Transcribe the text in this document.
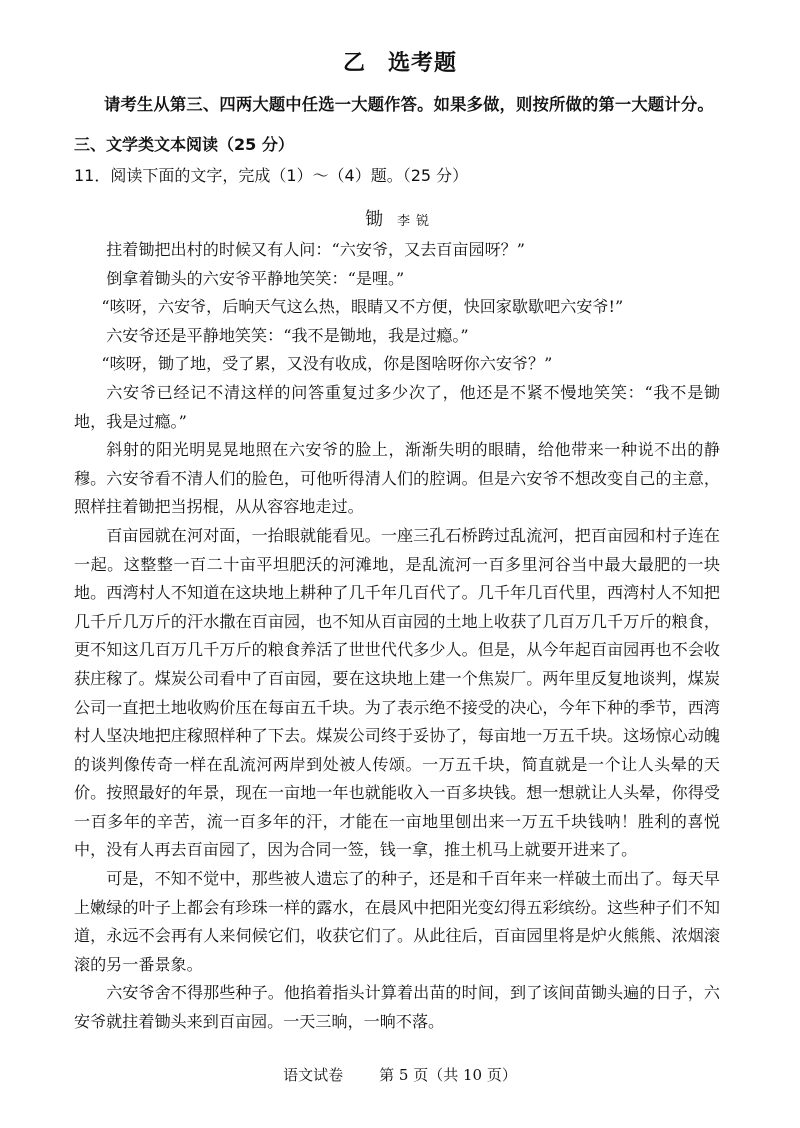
乙 选考题
请考生从第三、四两大题中任选一大题作答。如果多做，则按所做的第一大题计分。
三、文学类文本阅读（25 分）
11．阅读下面的文字，完成（1）～（4）题。（25 分）
锄 李锐

拄着锄把出村的时候又有人问：“六安爷，又去百亩园呀？”

倒拿着锄头的六安爷平静地笑笑：“是哩。”

“咳呀，六安爷，后晌天气这么热，眼睛又不方便，快回家歇歇吧六安爷!”

六安爷还是平静地笑笑：“我不是锄地，我是过瘾。”

“咳呀，锄了地，受了累，又没有收成，你是图啥呀你六安爷？”

六安爷已经记不清这样的问答重复过多少次了，他还是不紧不慢地笑笑：“我不是锄地，我是过瘾。”

斜射的阳光明晃晃地照在六安爷的脸上，渐渐失明的眼睛，给他带来一种说不出的静穆。六安爷看不清人们的脸色，可他听得清人们的腔调。但是六安爷不想改变自己的主意，照样拄着锄把当拐棍，从从容容地走过。

百亩园就在河对面，一抬眼就能看见。一座三孔石桥跨过乱流河，把百亩园和村子连在一起。这整整一百二十亩平坦肥沃的河滩地，是乱流河一百多里河谷当中最大最肥的一块地。西湾村人不知道在这块地上耕种了几千年几百代了。几千年几百代里，西湾村人不知把几千斤几万斤的汗水撒在百亩园，也不知从百亩园的土地上收获了几百万几千万斤的粮食，更不知这几百万几千万斤的粮食养活了世世代代多少人。但是，从今年起百亩园再也不会收获庄稼了。煤炭公司看中了百亩园，要在这块地上建一个焦炭厂。两年里反复地谈判，煤炭公司一直把土地收购价压在每亩五千块。为了表示绝不接受的决心，今年下种的季节，西湾村人坚决地把庄稼照样种了下去。煤炭公司终于妥协了，每亩地一万五千块。这场惊心动魄的谈判像传奇一样在乱流河两岸到处被人传颂。一万五千块，简直就是一个让人头晕的天价。按照最好的年景，现在一亩地一年也就能收入一百多块钱。想一想就让人头晕，你得受一百多年的辛苦，流一百多年的汗，才能在一亩地里刨出来一万五千块钱呐！胜利的喜悦中，没有人再去百亩园了，因为合同一签，钱一拿，推土机马上就要开进来了。

可是，不知不觉中，那些被人遗忘了的种子，还是和千百年来一样破土而出了。每天早上嫩绿的叶子上都会有珍珠一样的露水，在晨风中把阳光变幻得五彩缤纷。这些种子们不知道，永远不会再有人来伺候它们，收获它们了。从此往后，百亩园里将是炉火熊熊、浓烟滚滚的另一番景象。

六安爷舍不得那些种子。他掐着指头计算着出苗的时间，到了该间苗锄头遍的日子，六安爷就拄着锄头来到百亩园。一天三晌，一晌不落。

语文试卷 第 5 页（共 10 页）
